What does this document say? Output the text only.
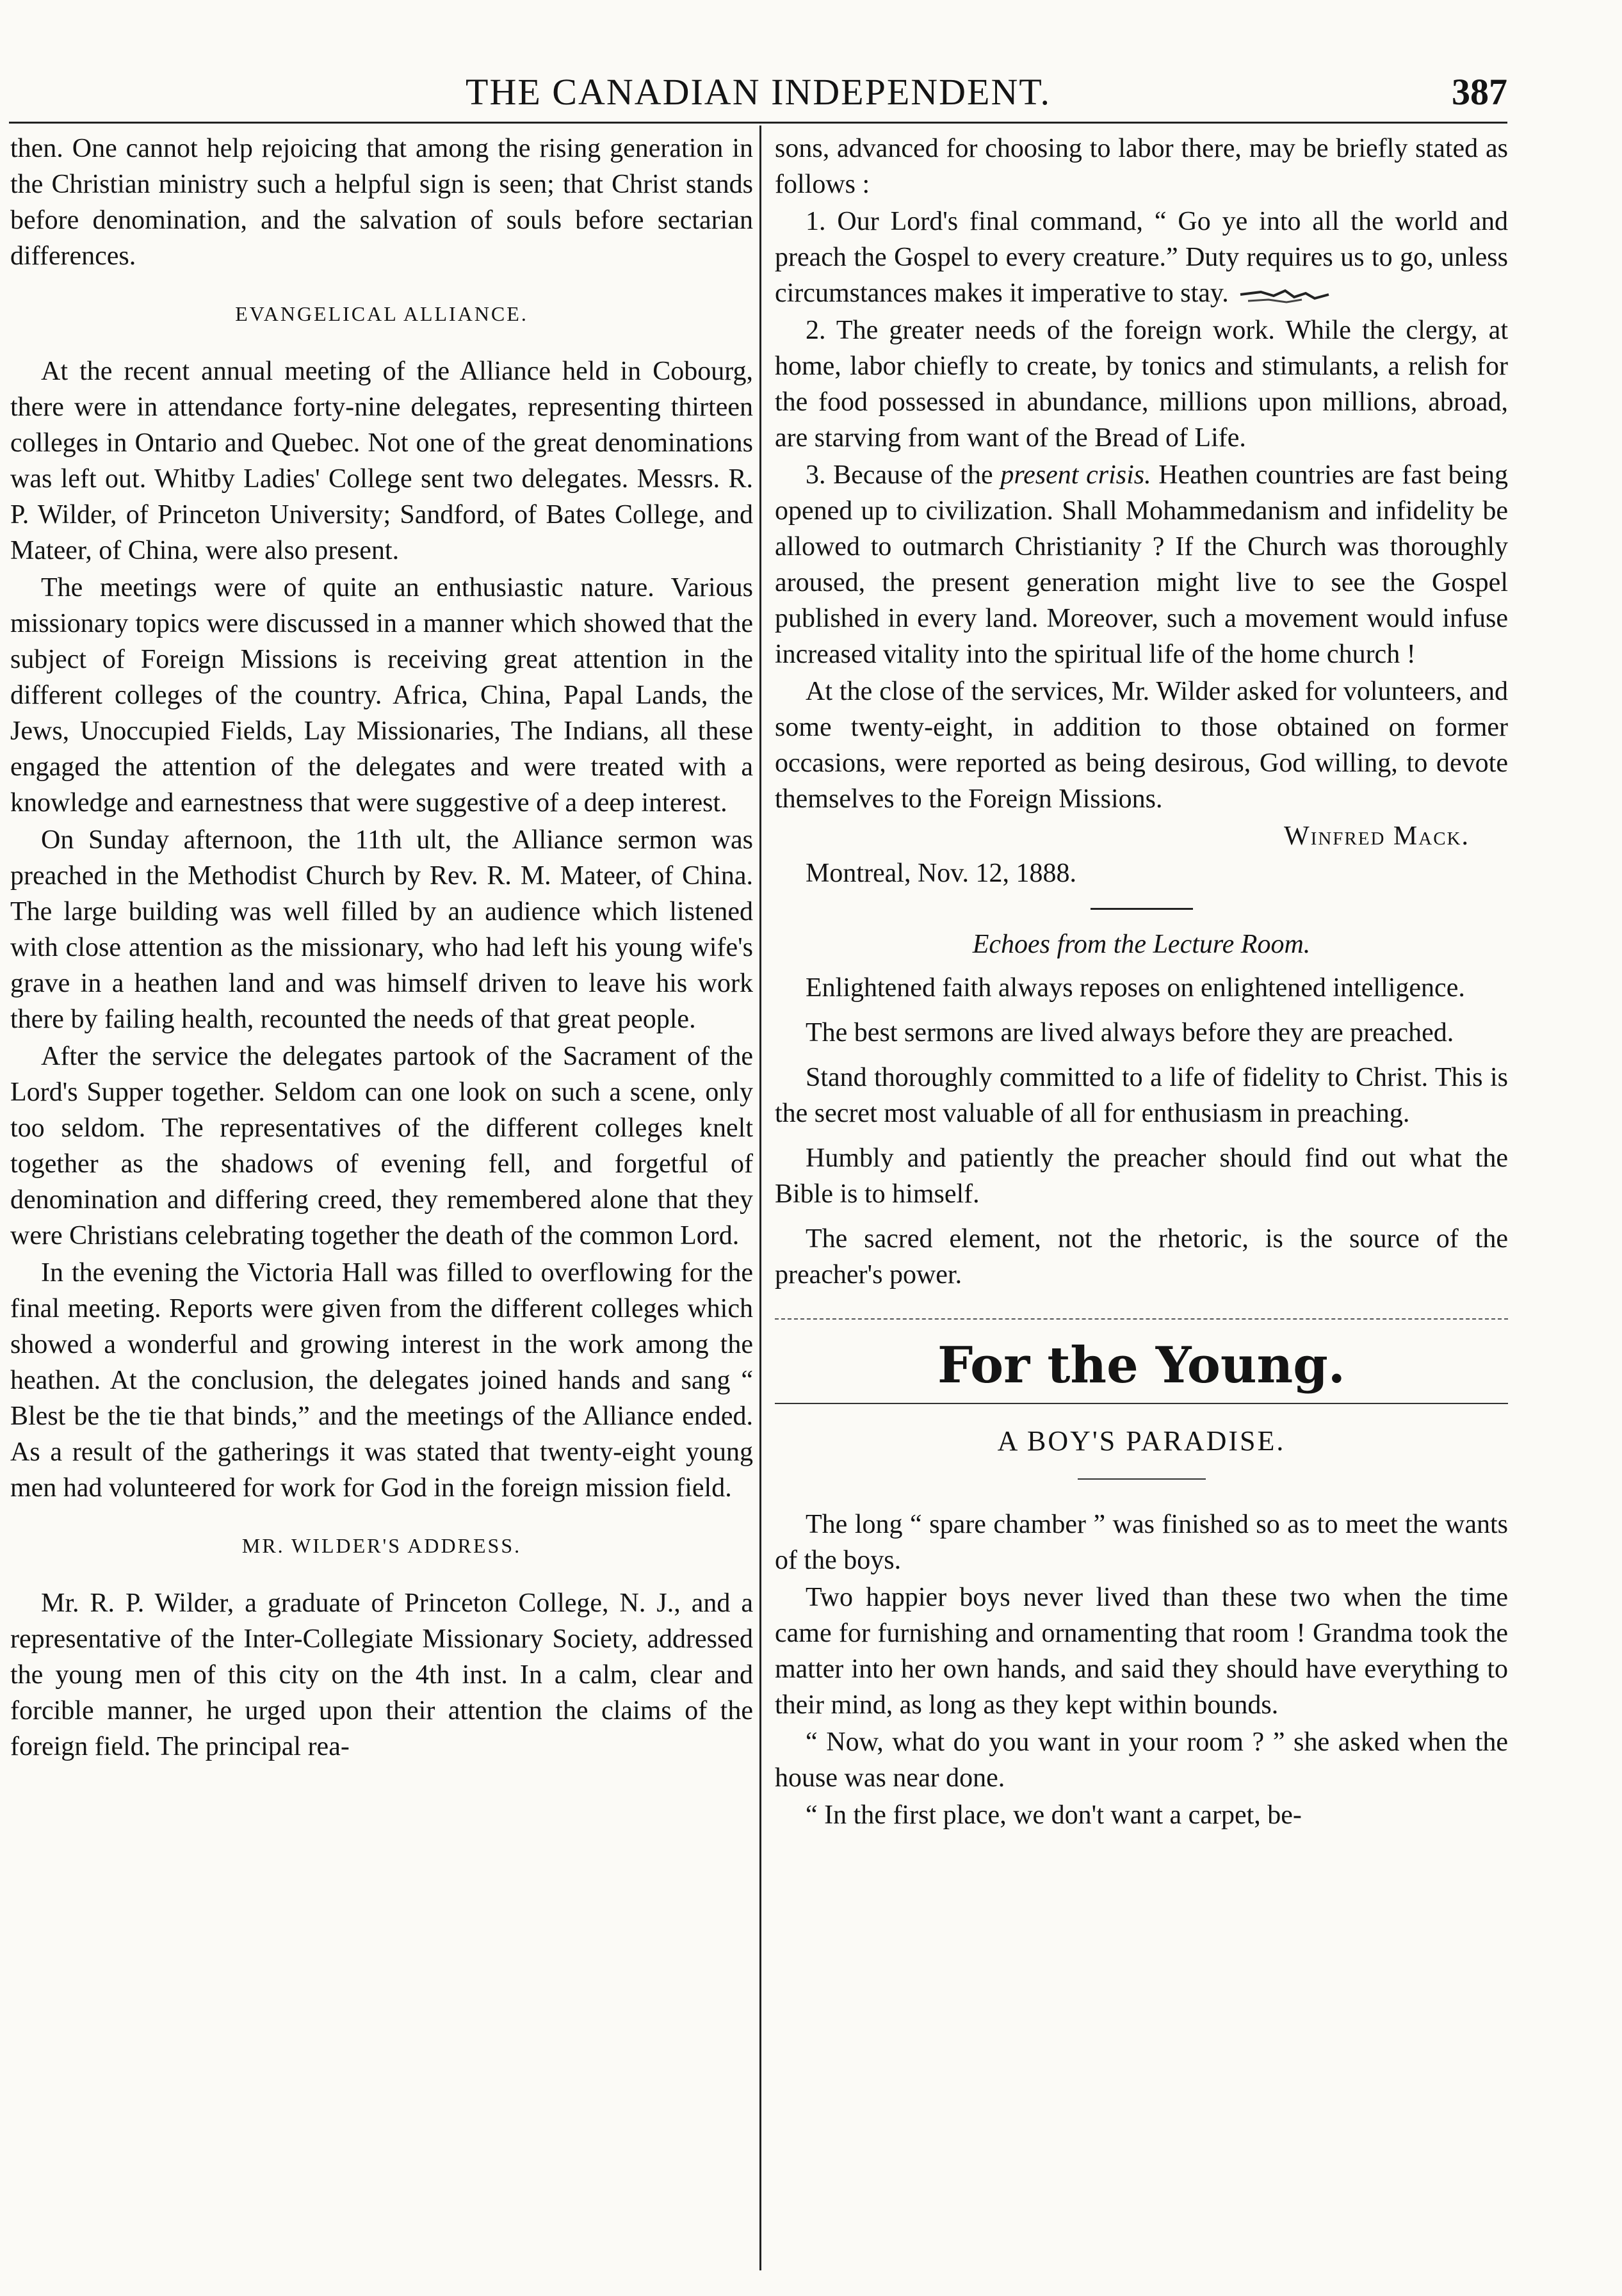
THE CANADIAN INDEPENDENT.	387

then. One cannot help rejoicing that among the rising generation in the Christian ministry such a helpful sign is seen; that Christ stands before denomination, and the salvation of souls before sectarian differences.

EVANGELICAL ALLIANCE.

At the recent annual meeting of the Alliance held in Cobourg, there were in attendance forty-nine delegates, representing thirteen colleges in Ontario and Quebec. Not one of the great denominations was left out. Whitby Ladies' College sent two delegates. Messrs. R. P. Wilder, of Princeton University; Sandford, of Bates College, and Mateer, of China, were also present.

The meetings were of quite an enthusiastic nature. Various missionary topics were discussed in a manner which showed that the subject of Foreign Missions is receiving great attention in the different colleges of the country. Africa, China, Papal Lands, the Jews, Unoccupied Fields, Lay Missionaries, The Indians, all these engaged the attention of the delegates and were treated with a knowledge and earnestness that were suggestive of a deep interest.

On Sunday afternoon, the 11th ult, the Alliance sermon was preached in the Methodist Church by Rev. R. M. Mateer, of China. The large building was well filled by an audience which listened with close attention as the missionary, who had left his young wife's grave in a heathen land and was himself driven to leave his work there by failing health, recounted the needs of that great people.

After the service the delegates partook of the Sacrament of the Lord's Supper together. Seldom can one look on such a scene, only too seldom. The representatives of the different colleges knelt together as the shadows of evening fell, and forgetful of denomination and differing creed, they remembered alone that they were Christians celebrating together the death of the common Lord.

In the evening the Victoria Hall was filled to overflowing for the final meeting. Reports were given from the different colleges which showed a wonderful and growing interest in the work among the heathen. At the conclusion, the delegates joined hands and sang “ Blest be the tie that binds,” and the meetings of the Alliance ended. As a result of the gatherings it was stated that twenty-eight young men had volunteered for work for God in the foreign mission field.

MR. WILDER'S ADDRESS.

Mr. R. P. Wilder, a graduate of Princeton College, N. J., and a representative of the Inter-Collegiate Missionary Society, addressed the young men of this city on the 4th inst. In a calm, clear and forcible manner, he urged upon their attention the claims of the foreign field. The principal rea-

sons, advanced for choosing to labor there, may be briefly stated as follows :

1. Our Lord's final command, “ Go ye into all the world and preach the Gospel to every creature.” Duty requires us to go, unless circumstances makes it imperative to stay.

2. The greater needs of the foreign work. While the clergy, at home, labor chiefly to create, by tonics and stimulants, a relish for the food possessed in abundance, millions upon millions, abroad, are starving from want of the Bread of Life.

3. Because of the present crisis. Heathen countries are fast being opened up to civilization. Shall Mohammedanism and infidelity be allowed to outmarch Christianity ? If the Church was thoroughly aroused, the present generation might live to see the Gospel published in every land. Moreover, such a movement would infuse increased vitality into the spiritual life of the home church !

At the close of the services, Mr. Wilder asked for volunteers, and some twenty-eight, in addition to those obtained on former occasions, were reported as being desirous, God willing, to devote themselves to the Foreign Missions.

Winfred Mack.

Montreal, Nov. 12, 1888.

Echoes from the Lecture Room.

Enlightened faith always reposes on enlightened intelligence.

The best sermons are lived always before they are preached.

Stand thoroughly committed to a life of fidelity to Christ. This is the secret most valuable of all for enthusiasm in preaching.

Humbly and patiently the preacher should find out what the Bible is to himself.

The sacred element, not the rhetoric, is the source of the preacher's power.

For the Young.
A BOY'S PARADISE.

The long “ spare chamber ” was finished so as to meet the wants of the boys.

Two happier boys never lived than these two when the time came for furnishing and ornamenting that room ! Grandma took the matter into her own hands, and said they should have everything to their mind, as long as they kept within bounds.

“ Now, what do you want in your room ? ” she asked when the house was near done.

“ In the first place, we don't want a carpet, be-
